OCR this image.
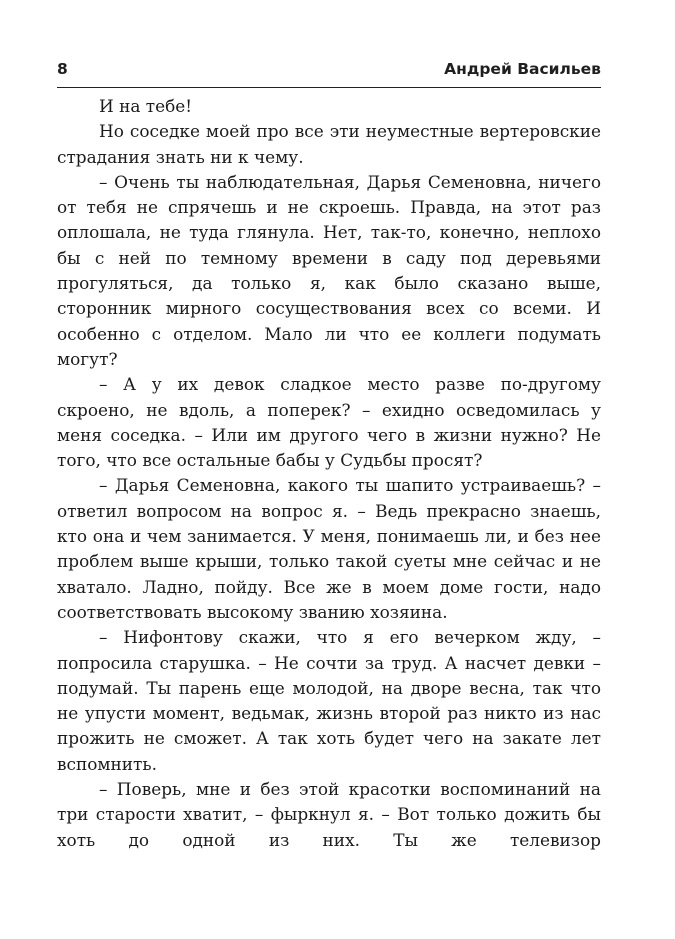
8	Андрей Васильев

И на тебе!

Но соседке моей про все эти неуместные вертеровские страдания знать ни к чему.

– Очень ты наблюдательная, Дарья Семеновна, ничего от тебя не спрячешь и не скроешь. Правда, на этот раз оплошала, не туда глянула. Нет, так-то, конечно, неплохо бы с ней по темному времени в саду под деревьями прогуляться, да только я, как было сказано выше, сторонник мирного сосуществования всех со всеми. И особенно с отделом. Мало ли что ее коллеги подумать могут?

– А у их девок сладкое место разве по-другому скроено, не вдоль, а поперек? – ехидно осведомилась у меня соседка. – Или им другого чего в жизни нужно? Не того, что все остальные бабы у Судьбы просят?

– Дарья Семеновна, какого ты шапито устраиваешь? – ответил вопросом на вопрос я. – Ведь прекрасно знаешь, кто она и чем занимается. У меня, понимаешь ли, и без нее проблем выше крыши, только такой суеты мне сейчас и не хватало. Ладно, пойду. Все же в моем доме гости, надо соответствовать высокому званию хозяина.

– Нифонтову скажи, что я его вечерком жду, – попросила старушка. – Не сочти за труд. А насчет девки – подумай. Ты парень еще молодой, на дворе весна, так что не упусти момент, ведьмак, жизнь второй раз никто из нас прожить не сможет. А так хоть будет чего на закате лет вспомнить.

– Поверь, мне и без этой красотки воспоминаний на три старости хватит, – фыркнул я. – Вот только дожить бы хоть до одной из них. Ты же телевизор
